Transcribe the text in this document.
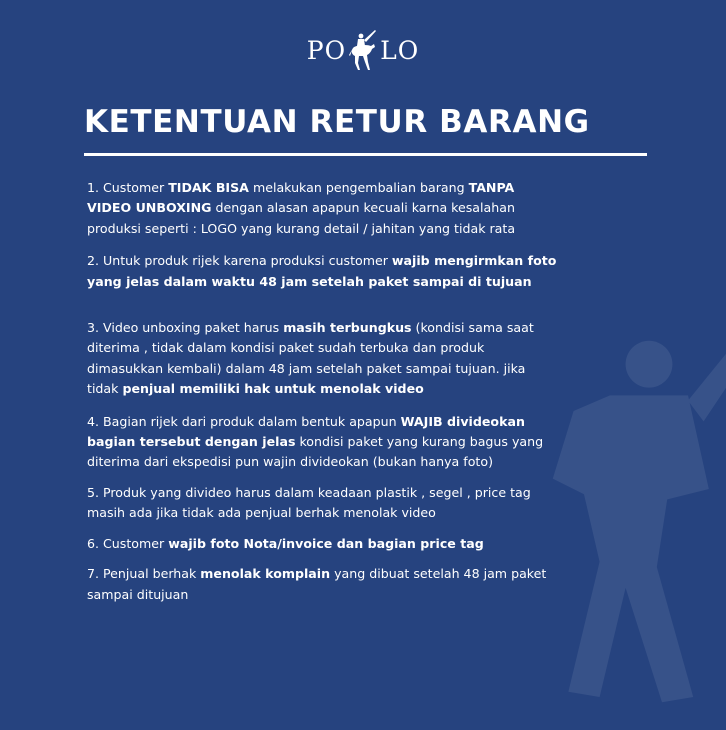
PO LO
KETENTUAN RETUR BARANG

1. Customer TIDAK BISA melakukan pengembalian barang TANPA VIDEO UNBOXING dengan alasan apapun kecuali karna kesalahan produksi seperti : LOGO yang kurang detail / jahitan yang tidak rata

2. Untuk produk rijek karena produksi customer wajib mengirmkan foto yang jelas dalam waktu 48 jam setelah paket sampai di tujuan

3. Video unboxing paket harus masih terbungkus (kondisi sama saat diterima , tidak dalam kondisi paket sudah terbuka dan produk dimasukkan kembali) dalam 48 jam setelah paket sampai tujuan. jika tidak penjual memiliki hak untuk menolak video

4. Bagian rijek dari produk dalam bentuk apapun WAJIB divideokan bagian tersebut dengan jelas kondisi paket yang kurang bagus yang diterima dari ekspedisi pun wajin divideokan (bukan hanya foto)

5. Produk yang divideo harus dalam keadaan plastik , segel , price tag masih ada jika tidak ada penjual berhak menolak video

6. Customer wajib foto Nota/invoice dan bagian price tag

7. Penjual berhak menolak komplain yang dibuat setelah 48 jam paket sampai ditujuan
